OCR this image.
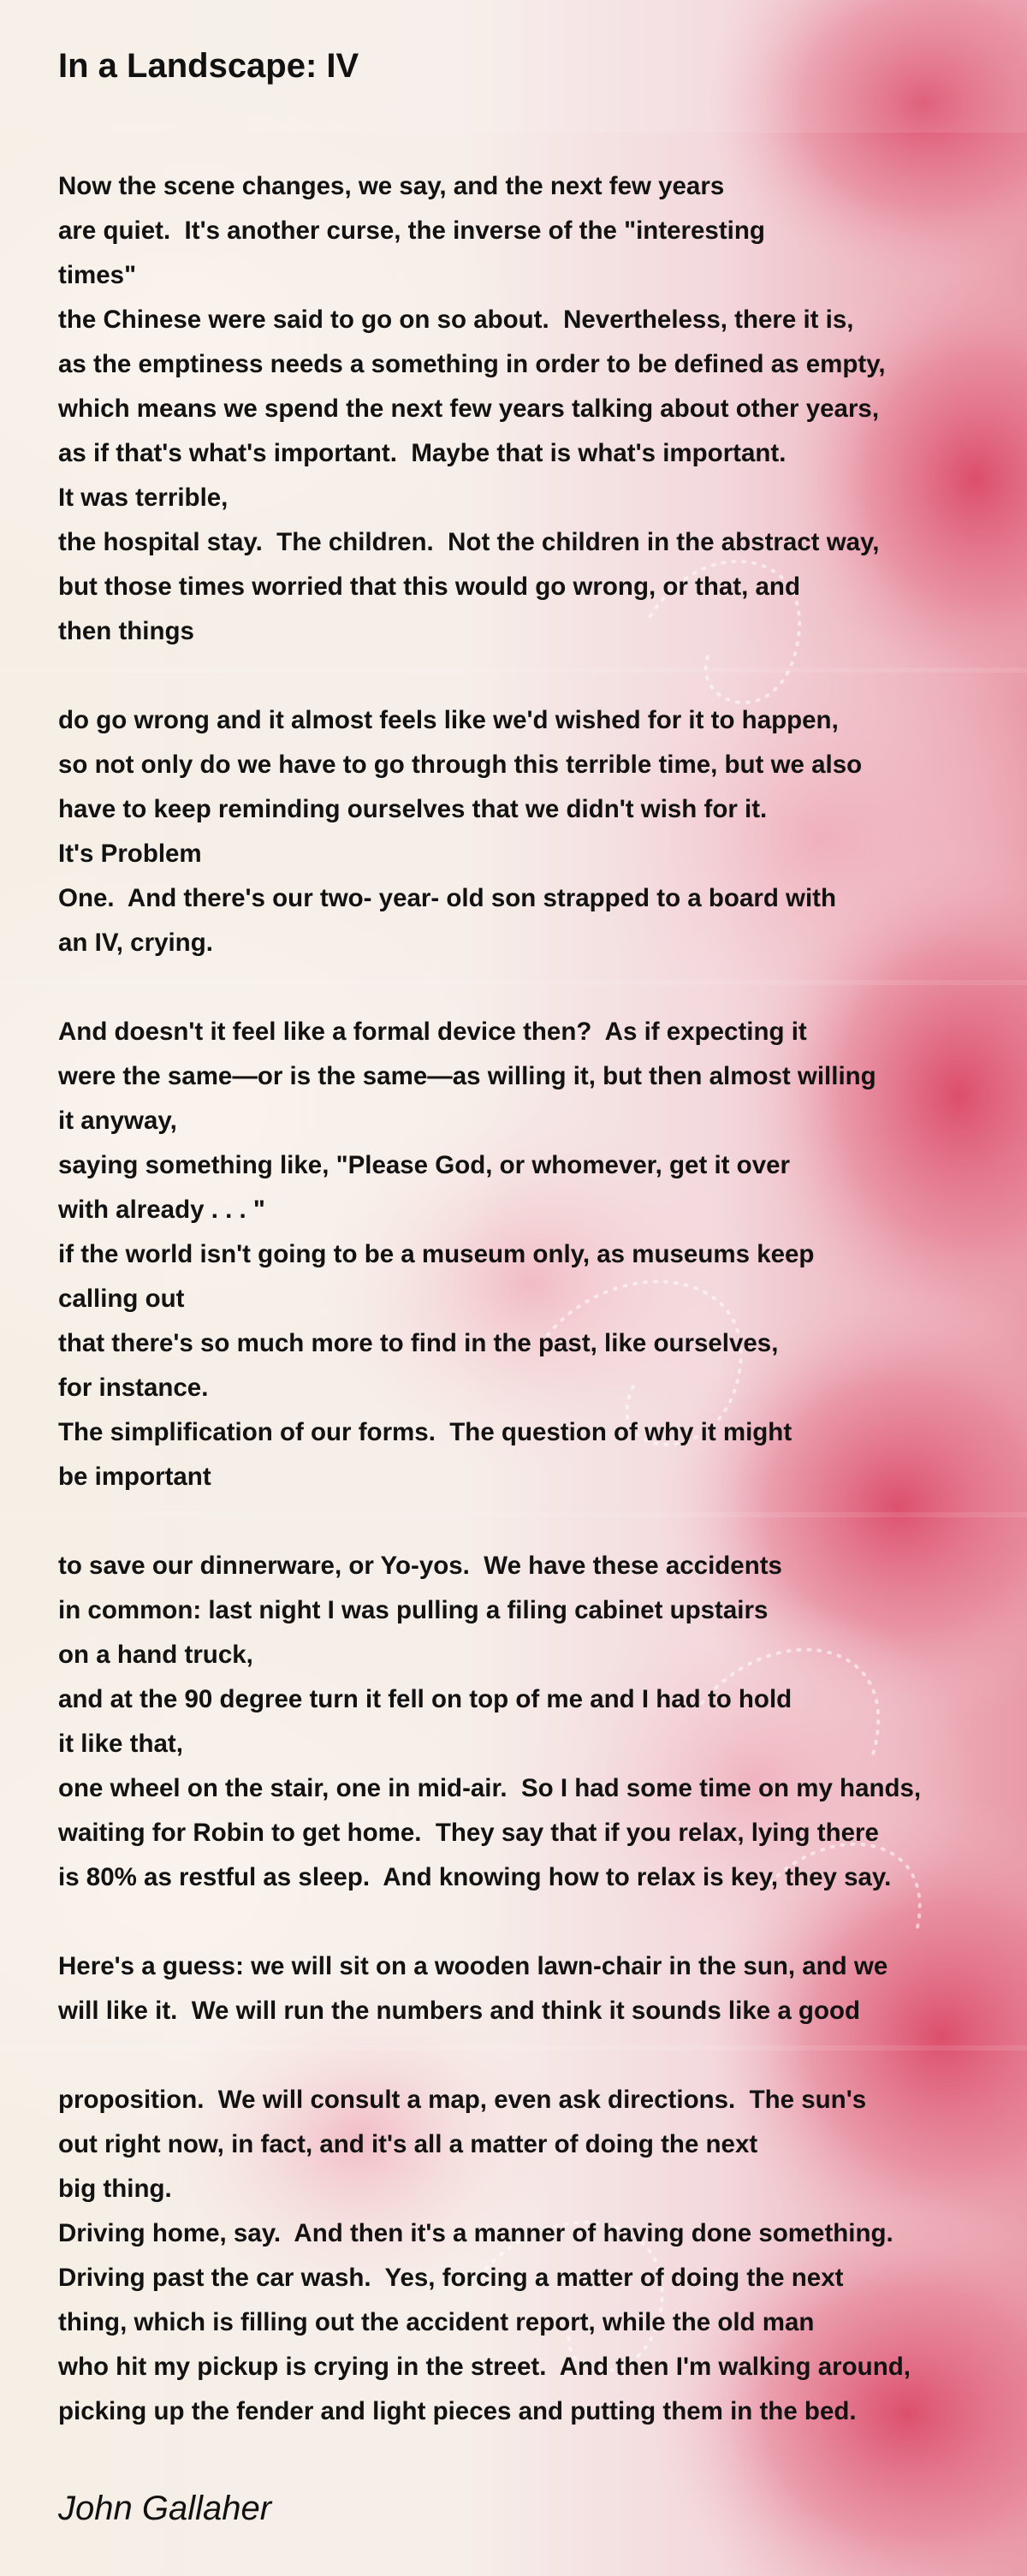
In a Landscape: IV
Now the scene changes, we say, and the next few years
are quiet.  It's another curse, the inverse of the "interesting
times"
the Chinese were said to go on so about.  Nevertheless, there it is,
as the emptiness needs a something in order to be defined as empty,
which means we spend the next few years talking about other years,
as if that's what's important.  Maybe that is what's important.
It was terrible,
the hospital stay.  The children.  Not the children in the abstract way,
but those times worried that this would go wrong, or that, and
then things
do go wrong and it almost feels like we'd wished for it to happen,
so not only do we have to go through this terrible time, but we also
have to keep reminding ourselves that we didn't wish for it.
It's Problem
One.  And there's our two- year- old son strapped to a board with
an IV, crying.
And doesn't it feel like a formal device then?  As if expecting it
were the same—or is the same—as willing it, but then almost willing
it anyway,
saying something like, "Please God, or whomever, get it over
with already . . . "
if the world isn't going to be a museum only, as museums keep
calling out
that there's so much more to find in the past, like ourselves,
for instance.
The simplification of our forms.  The question of why it might
be important
to save our dinnerware, or Yo-yos.  We have these accidents
in common: last night I was pulling a filing cabinet upstairs
on a hand truck,
and at the 90 degree turn it fell on top of me and I had to hold
it like that,
one wheel on the stair, one in mid-air.  So I had some time on my hands,
waiting for Robin to get home.  They say that if you relax, lying there
is 80% as restful as sleep.  And knowing how to relax is key, they say.
Here's a guess: we will sit on a wooden lawn-chair in the sun, and we
will like it.  We will run the numbers and think it sounds like a good
proposition.  We will consult a map, even ask directions.  The sun's
out right now, in fact, and it's all a matter of doing the next
big thing.
Driving home, say.  And then it's a manner of having done something.
Driving past the car wash.  Yes, forcing a matter of doing the next
thing, which is filling out the accident report, while the old man
who hit my pickup is crying in the street.  And then I'm walking around,
picking up the fender and light pieces and putting them in the bed.
John Gallaher
